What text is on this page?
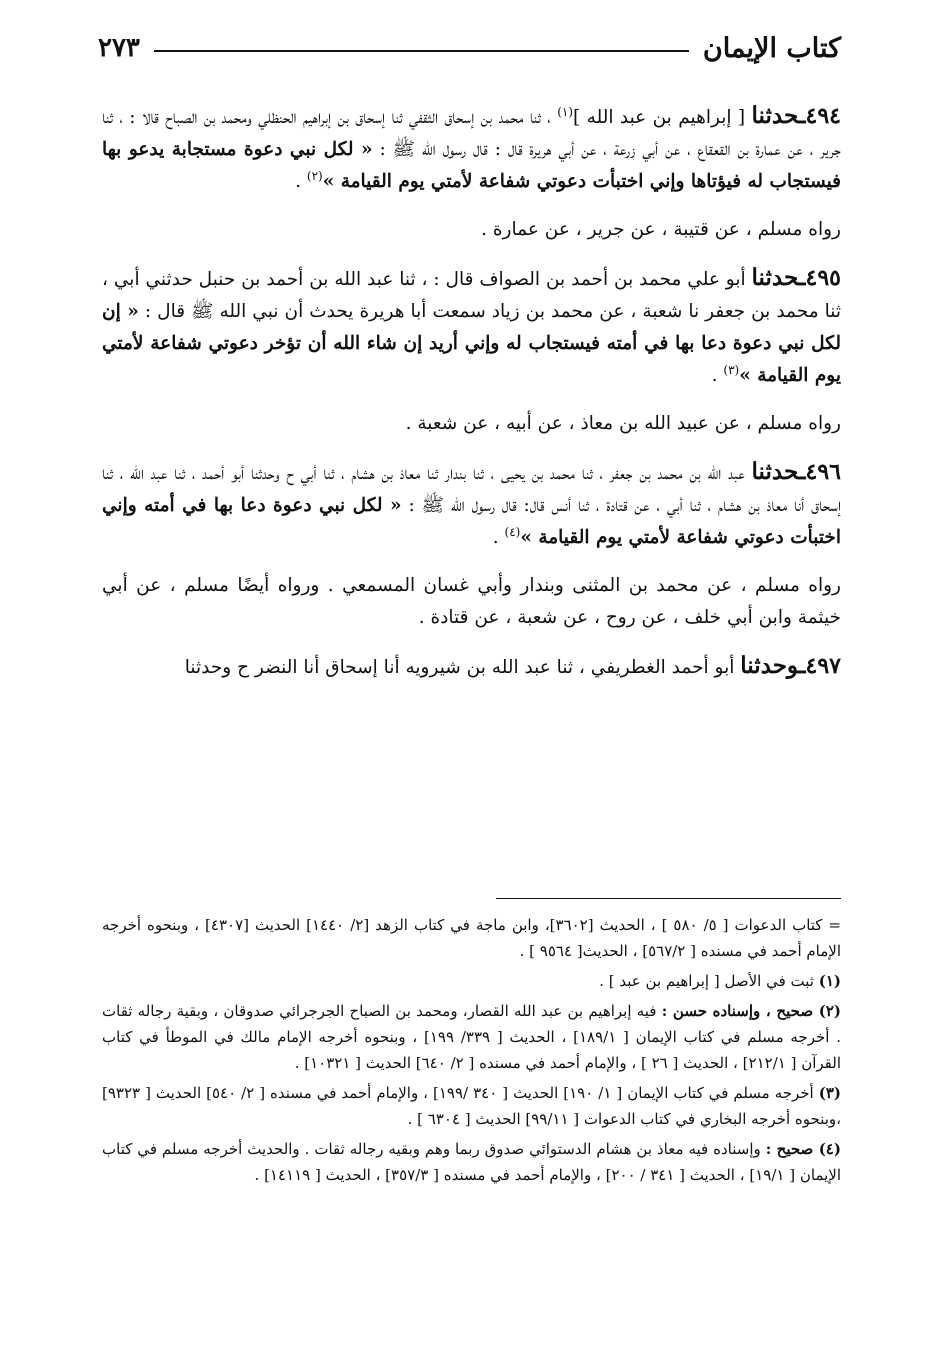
كتاب الإيمان
٢٧٣

٤٩٤ـحدثنا [ إبراهيم بن عبد الله ]$^{(١)}$ ، ثنا محمد بن إسحاق الثقفي ثنا إسحاق بن إبراهيم الحنظلي ومحمد بن الصباح قالا : ، ثنا جرير ، عن عمارة بن القعقاع ، عن أبي زرعة ، عن أبي هريرة قال : قال رسول الله ﷺ : « لكل نبي دعوة مستجابة يدعو بها فيستجاب له فيؤتاها وإني اختبأت دعوتي شفاعة لأمتي يوم القيامة »$^{(٢)}$ .

رواه مسلم ، عن قتيبة ، عن جرير ، عن عمارة .

٤٩٥ـحدثنا أبو علي محمد بن أحمد بن الصواف قال : ، ثنا عبد الله بن أحمد بن حنبل حدثني أبي ، ثنا محمد بن جعفر نا شعبة ، عن محمد بن زياد سمعت أبا هريرة يحدث أن نبي الله ﷺ قال : « إن لكل نبي دعوة دعا بها في أمته فيستجاب له وإني أريد إن شاء الله أن تؤخر دعوتي شفاعة لأمتي يوم القيامة »$^{(٣)}$ .

رواه مسلم ، عن عبيد الله بن معاذ ، عن أبيه ، عن شعبة .

٤٩٦ـحدثنا عبد الله بن محمد بن جعفر ، ثنا محمد بن يحيى ، ثنا بندار ثنا معاذ بن هشام ، ثنا أبي ح وحدثنا أبو أحمد ، ثنا عبد الله ، ثنا إسحاق أنا معاذ بن هشام ، ثنا أبي ، عن قتادة ، ثنا أنس قال: قال رسول الله ﷺ : « لكل نبي دعوة دعا بها في أمته وإني اختبأت دعوتي شفاعة لأمتي يوم القيامة »$^{(٤)}$ .

رواه مسلم ، عن محمد بن المثنى وبندار وأبي غسان المسمعي . ورواه أيضًا مسلم ، عن أبي خيثمة وابن أبي خلف ، عن روح ، عن شعبة ، عن قتادة .

٤٩٧ـوحدثنا أبو أحمد الغطريفي ، ثنا عبد الله بن شيرويه أنا إسحاق أنا النضر ح وحدثنا

= كتاب الدعوات [ ٥/ ٥٨٠ ] ، الحديث [٣٦٠٢]، وابن ماجة في كتاب الزهد [٢/ ١٤٤٠] الحديث [٤٣٠٧] ، وبنحوه أخرجه الإمام أحمد في مسنده [ ٥٦٧/٢] ، الحديث[ ٩٥٦٤ ] .

(١) ثبت في الأصل [ إبراهيم بن عبد ] .

(٢) صحيح ، وإسناده حسن : فيه إبراهيم بن عبد الله القصار، ومحمد بن الصباح الجرجرائي صدوقان ، وبقية رجاله ثقات . أخرجه مسلم في كتاب الإيمان [ ١٨٩/١] ، الحديث [ ٣٣٩/ ١٩٩] ، وبنحوه أخرجه الإمام مالك في الموطأ في كتاب القرآن [ ٢١٢/١] ، الحديث [ ٢٦ ] ، والإمام أحمد في مسنده [ ٢/ ٦٤٠] الحديث [ ١٠٣٢١] .

(٣) أخرجه مسلم في كتاب الإيمان [ ١/ ١٩٠] الحديث [ ٣٤٠ /١٩٩] ، والإمام أحمد في مسنده [ ٢/ ٥٤٠] الحديث [ ٩٣٢٣] ،وبنحوه أخرجه البخاري في كتاب الدعوات [ ٩٩/١١] الحديث [ ٦٣٠٤ ] .

(٤) صحيح : وإسناده فيه معاذ بن هشام الدستوائي صدوق ربما وهم وبقيه رجاله ثقات . والحديث أخرجه مسلم في كتاب الإيمان [ ١٩/١] ، الحديث [ ٣٤١ / ٢٠٠] ، والإمام أحمد في مسنده [ ٣٥٧/٣] ، الحديث [ ١٤١١٩] .
